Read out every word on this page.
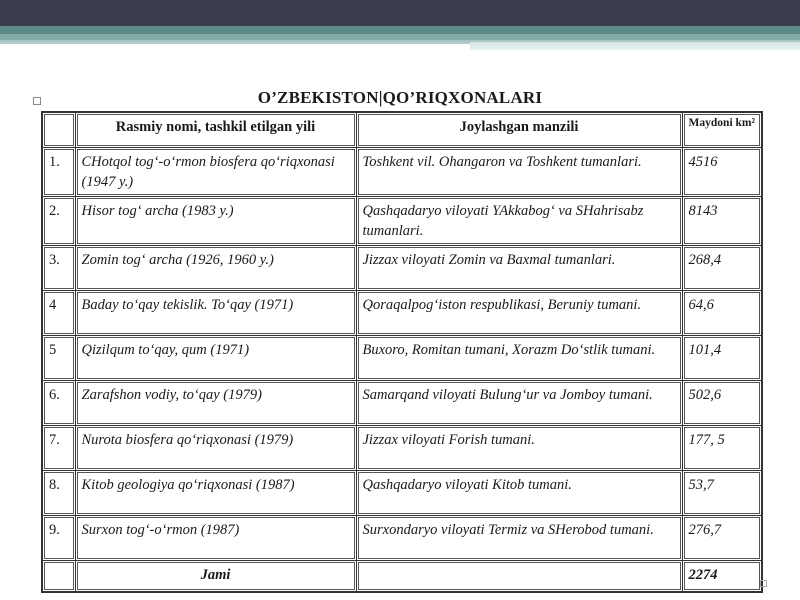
O’ZBEKISTON|QO’RIQXONALARI
	Rasmiy nomi, tashkil etilgan yili	Joylashgan manzili	Maydoni km²
1.	CHotqol tog‘-o‘rmon biosfera qo‘riqxonasi (1947 y.)	Toshkent vil. Ohangaron va Toshkent tumanlari.	4516
2.	Hisor tog‘ archa (1983 y.)	Qashqadaryo viloyati YAkkabog‘ va SHahrisabz tumanlari.	8143
3.	Zomin tog‘ archa (1926, 1960 y.)	Jizzax viloyati Zomin va Baxmal tumanlari.	268,4
4	Baday to‘qay tekislik. To‘qay (1971)	Qoraqalpog‘iston respublikasi, Beruniy tumani.	64,6
5	Qizilqum to‘qay, qum (1971)	Buxoro, Romitan tumani, Xorazm Do‘stlik tumani.	101,4
6.	Zarafshon vodiy, to‘qay (1979)	Samarqand viloyati Bulung‘ur va Jomboy tumani.	502,6
7.	Nurota biosfera qo‘riqxonasi (1979)	Jizzax viloyati Forish tumani.	177, 5
8.	Kitob geologiya qo‘riqxonasi (1987)	Qashqadaryo viloyati Kitob tumani.	53,7
9.	Surxon tog‘-o‘rmon (1987)	Surxondaryo viloyati Termiz va SHerobod tumani.	276,7
	Jami		2274
